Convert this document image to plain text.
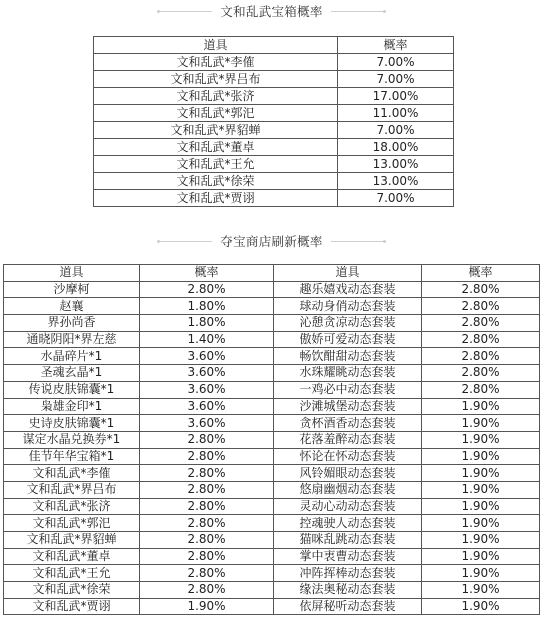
文和乱武宝箱概率
道具	概率
文和乱武*李傕	7.00%
文和乱武*界吕布	7.00%
文和乱武*张济	17.00%
文和乱武*郭汜	11.00%
文和乱武*界貂蝉	7.00%
文和乱武*董卓	18.00%
文和乱武*王允	13.00%
文和乱武*徐荣	13.00%
文和乱武*贾诩	7.00%
夺宝商店刷新概率
道具	概率	道具	概率
沙摩柯	2.80%	趣乐嬉戏动态套装	2.80%
赵襄	1.80%	球动身俏动态套装	2.80%
界孙尚香	1.80%	沁憩贪凉动态套装	2.80%
通晓阴阳*界左慈	1.40%	傲娇可爱动态套装	2.80%
水晶碎片*1	3.60%	畅饮酣甜动态套装	2.80%
圣魂玄晶*1	3.60%	水珠耀眺动态套装	2.80%
传说皮肤锦囊*1	3.60%	一鸡必中动态套装	2.80%
枭雄金印*1	3.60%	沙滩城堡动态套装	1.90%
史诗皮肤锦囊*1	3.60%	贪杯酒香动态套装	1.90%
谋定水晶兑换券*1	2.80%	花落羞醉动态套装	1.90%
佳节年华宝箱*1	2.80%	怀论在怀动态套装	1.90%
文和乱武*李傕	2.80%	风铃媚眼动态套装	1.90%
文和乱武*界吕布	2.80%	悠扇幽烟动态套装	1.90%
文和乱武*张济	2.80%	灵动心动动态套装	1.90%
文和乱武*郭汜	2.80%	控魂驶人动态套装	1.90%
文和乱武*界貂蝉	2.80%	猫咪乱跳动态套装	1.90%
文和乱武*董卓	2.80%	掌中衷曹动态套装	1.90%
文和乱武*王允	2.80%	冲阵挥棒动态套装	1.90%
文和乱武*徐荣	2.80%	缘法奥秘动态套装	1.90%
文和乱武*贾诩	1.90%	依屏秘听动态套装	1.90%
